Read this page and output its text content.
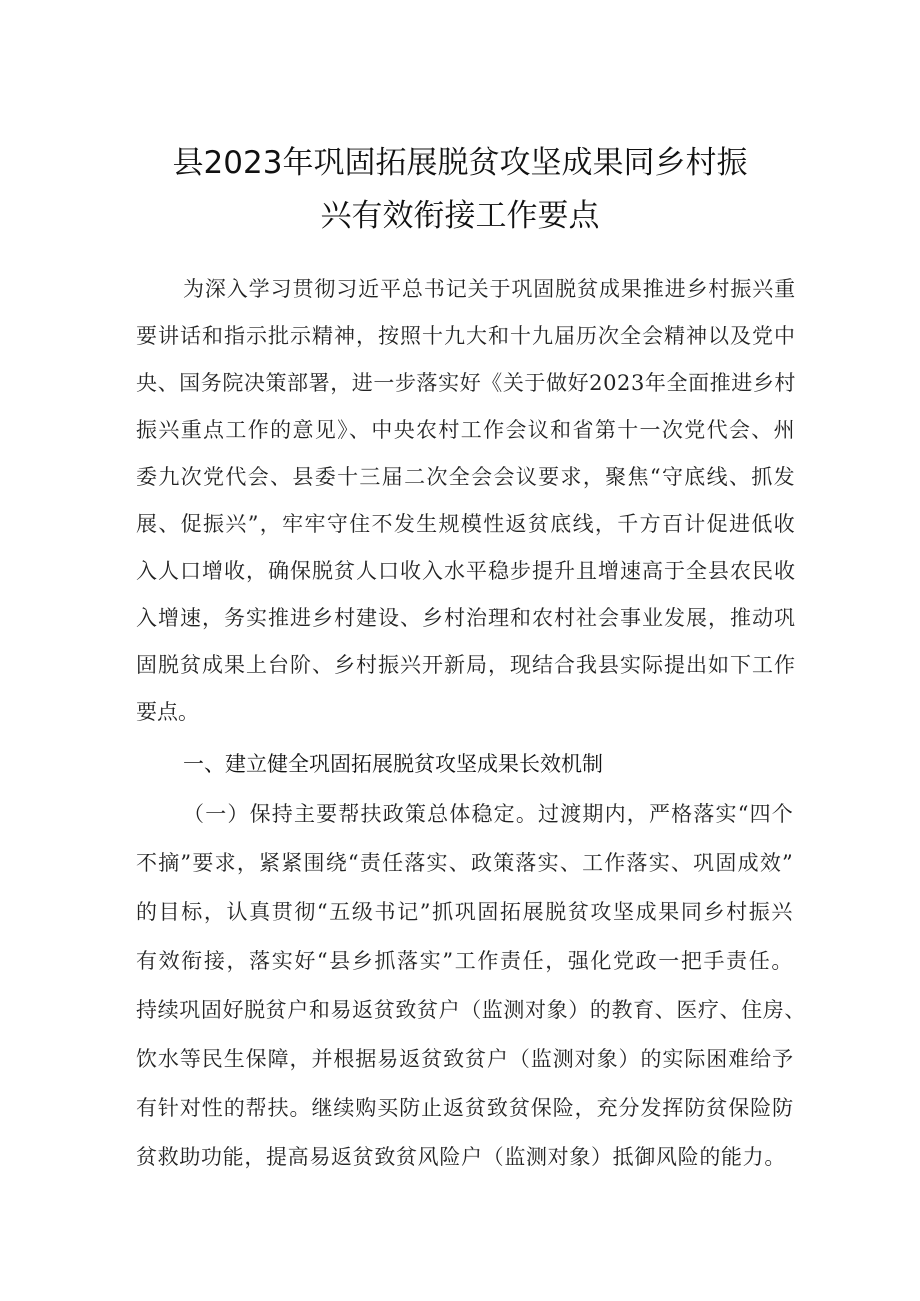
县2023年巩固拓展脱贫攻坚成果同乡村振
兴有效衔接工作要点
为深入学习贯彻习近平总书记关于巩固脱贫成果推进乡村振兴重
要讲话和指示批示精神，按照十九大和十九届历次全会精神以及党中
央、国务院决策部署，进一步落实好《关于做好2023年全面推进乡村
振兴重点工作的意见》、中央农村工作会议和省第十一次党代会、州
委九次党代会、县委十三届二次全会会议要求，聚焦“守底线、抓发
展、促振兴”，牢牢守住不发生规模性返贫底线，千方百计促进低收
入人口增收，确保脱贫人口收入水平稳步提升且增速高于全县农民收
入增速，务实推进乡村建设、乡村治理和农村社会事业发展，推动巩
固脱贫成果上台阶、乡村振兴开新局，现结合我县实际提出如下工作
要点。
一、建立健全巩固拓展脱贫攻坚成果长效机制
（一）保持主要帮扶政策总体稳定。过渡期内，严格落实“四个
不摘”要求，紧紧围绕“责任落实、政策落实、工作落实、巩固成效”
的目标，认真贯彻“五级书记”抓巩固拓展脱贫攻坚成果同乡村振兴
有效衔接，落实好“县乡抓落实”工作责任，强化党政一把手责任。
持续巩固好脱贫户和易返贫致贫户（监测对象）的教育、医疗、住房、
饮水等民生保障，并根据易返贫致贫户（监测对象）的实际困难给予
有针对性的帮扶。继续购买防止返贫致贫保险，充分发挥防贫保险防
贫救助功能，提高易返贫致贫风险户（监测对象）抵御风险的能力。
